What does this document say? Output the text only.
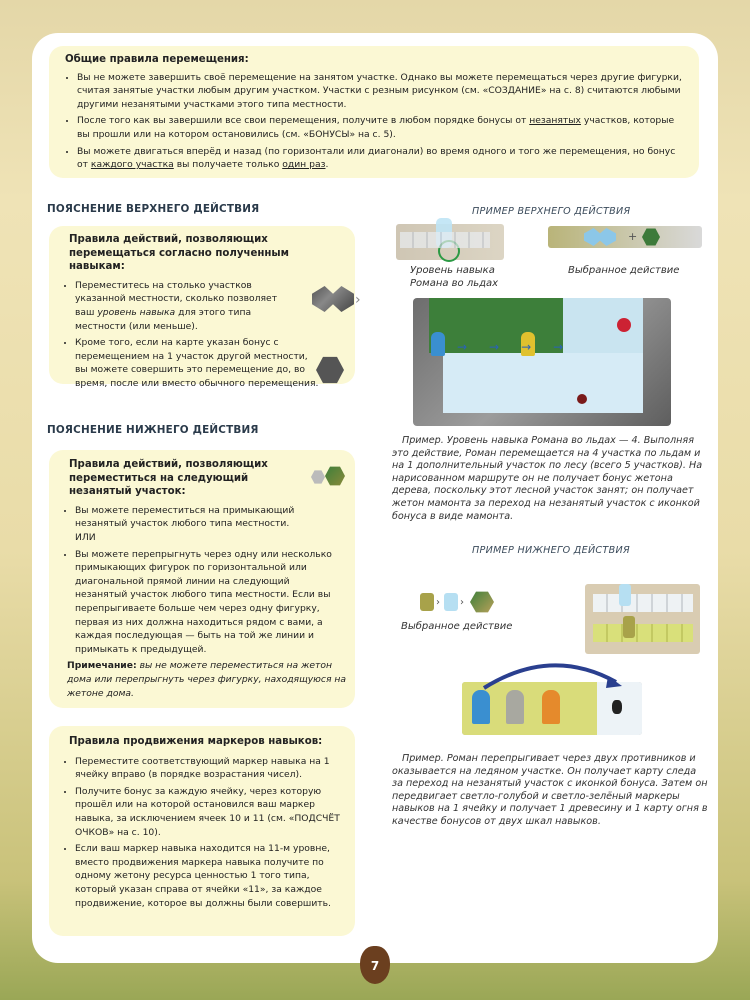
Общие правила перемещения:
• Вы не можете завершить своё перемещение на занятом участке. Однако вы можете перемещаться через другие фигурки, считая занятые участки любым другим участком. Участки с резным рисунком (см. «СОЗДАНИЕ» на с. 8) считаются любыми другими незанятыми участками этого типа местности.
• После того как вы завершили все свои перемещения, получите в любом порядке бонусы от незанятых участков, которые вы прошли или на котором остановились (см. «БОНУСЫ» на с. 5).
• Вы можете двигаться вперёд и назад (по горизонтали или диагонали) во время одного и того же перемещения, но бонус от каждого участка вы получаете только один раз.
ПОЯСНЕНИЕ ВЕРХНЕГО ДЕЙСТВИЯ
Правила действий, позволяющих перемещаться согласно полученным навыкам:
• Переместитесь на столько участков указанной местности, сколько позволяет ваш уровень навыка для этого типа местности (или меньше).
• Кроме того, если на карте указан бонус с перемещением на 1 участок другой местности, вы можете совершить это перемещение до, во время, после или вместо обычного перемещения.
›
ПРИМЕР ВЕРХНЕГО ДЕЙСТВИЯ
Уровень навыка Романа во льдах
+
Выбранное действие
→→→→
Пример. Уровень навыка Романа во льдах — 4. Выполняя это действие, Роман перемещается на 4 участка по льдам и на 1 дополнительный участок по лесу (всего 5 участков). На нарисованном маршруте он не получает бонус жетона дерева, поскольку этот лесной участок занят; он получает жетон мамонта за переход на незанятый участок с иконкой бонуса в виде мамонта.
ПОЯСНЕНИЕ НИЖНЕГО ДЕЙСТВИЯ
Правила действий, позволяющих переместиться на следующий незанятый участок:
• Вы можете переместиться на примыкающий незанятый участок любого типа местности.
ИЛИ
• Вы можете перепрыгнуть через одну или несколько примыкающих фигурок по горизонтальной или диагональной прямой линии на следующий незанятый участок любого типа местности. Если вы перепрыгиваете больше чем через одну фигурку, первая из них должна находиться рядом с вами, а каждая последующая — быть на той же линии и примыкать к предыдущей.
Примечание: вы не можете переместиться на жетон дома или перепрыгнуть через фигурку, находящуюся на жетоне дома.
ПРИМЕР НИЖНЕГО ДЕЙСТВИЯ
› ›
Выбранное действие
Пример. Роман перепрыгивает через двух противников и оказывается на ледяном участке. Он получает карту следа за переход на незанятый участок с иконкой бонуса. Затем он передвигает светло-голубой и светло-зелёный маркеры навыков на 1 ячейку и получает 1 древесину и 1 карту огня в качестве бонусов от двух шкал навыков.
Правила продвижения маркеров навыков:
• Переместите соответствующий маркер навыка на 1 ячейку вправо (в порядке возрастания чисел).
• Получите бонус за каждую ячейку, через которую прошёл или на которой остановился ваш маркер навыка, за исключением ячеек 10 и 11 (см. «ПОДСЧЁТ ОЧКОВ» на с. 10).
• Если ваш маркер навыка находится на 11-м уровне, вместо продвижения маркера навыка получите по одному жетону ресурса ценностью 1 того типа, который указан справа от ячейки «11», за каждое продвижение, которое вы должны были совершить.
7
